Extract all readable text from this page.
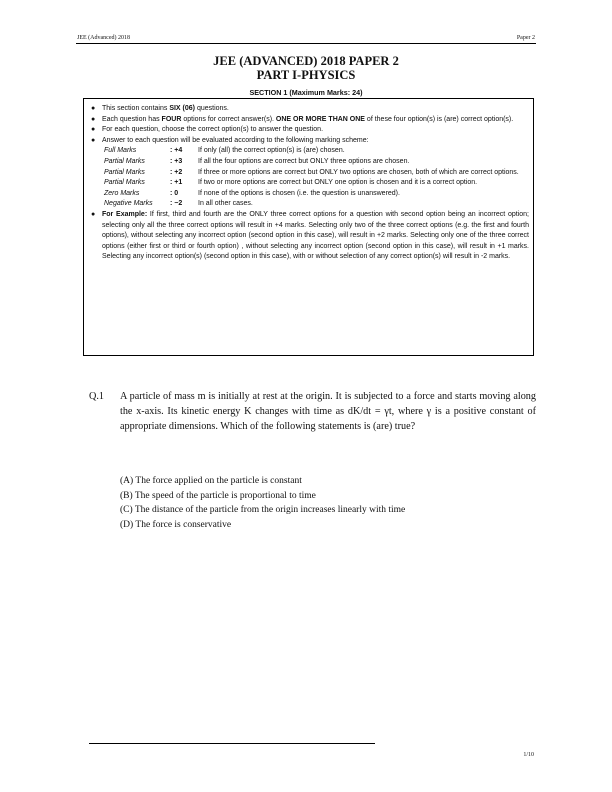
JEE (Advanced) 2018	Paper 2
JEE (ADVANCED) 2018 PAPER 2
PART I-PHYSICS
SECTION 1 (Maximum Marks: 24)
● This section contains SIX (06) questions.
● Each question has FOUR options for correct answer(s). ONE OR MORE THAN ONE of these four option(s) is (are) correct option(s).
● For each question, choose the correct option(s) to answer the question.
● Answer to each question will be evaluated according to the following marking scheme:
Full Marks	: +4	If only (all) the correct option(s) is (are) chosen.
Partial Marks	: +3	If all the four options are correct but ONLY three options are chosen.
Partial Marks	: +2	If three or more options are correct but ONLY two options are chosen, both of which are correct options.
Partial Marks	: +1	If two or more options are correct but ONLY one option is chosen and it is a correct option.
Zero Marks	: 0	If none of the options is chosen (i.e. the question is unanswered).
Negative Marks	: −2	In all other cases.
● For Example: If first, third and fourth are the ONLY three correct options for a question with second option being an incorrect option; selecting only all the three correct options will result in +4 marks. Selecting only two of the three correct options (e.g. the first and fourth options), without selecting any incorrect option (second option in this case), will result in +2 marks. Selecting only one of the three correct options (either first or third or fourth option) , without selecting any incorrect option (second option in this case), will result in +1 marks. Selecting any incorrect option(s) (second option in this case), with or without selection of any correct option(s) will result in -2 marks.
Q.1 A particle of mass m is initially at rest at the origin. It is subjected to a force and starts moving along the x-axis. Its kinetic energy K changes with time as dK/dt = γt, where γ is a positive constant of appropriate dimensions. Which of the following statements is (are) true?
(A) The force applied on the particle is constant
(B) The speed of the particle is proportional to time
(C) The distance of the particle from the origin increases linearly with time
(D) The force is conservative
1/10
